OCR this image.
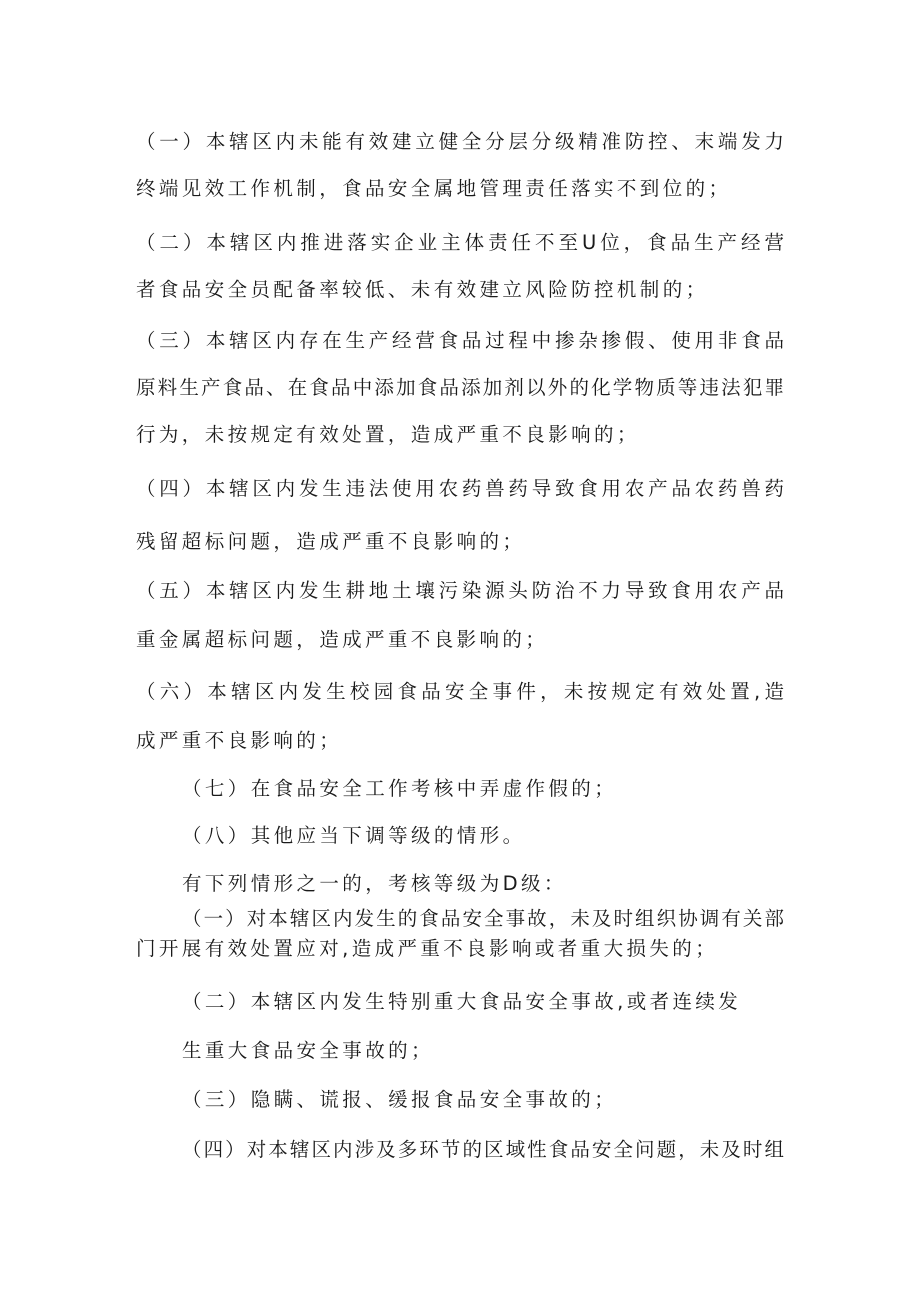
（一）本辖区内未能有效建立健全分层分级精准防控、末端发力
终端见效工作机制，食品安全属地管理责任落实不到位的；
（二）本辖区内推进落实企业主体责任不至U位，食品生产经营
者食品安全员配备率较低、未有效建立风险防控机制的；
（三）本辖区内存在生产经营食品过程中掺杂掺假、使用非食品
原料生产食品、在食品中添加食品添加剂以外的化学物质等违法犯罪
行为，未按规定有效处置，造成严重不良影响的；
（四）本辖区内发生违法使用农药兽药导致食用农产品农药兽药
残留超标问题，造成严重不良影响的；
（五）本辖区内发生耕地土壤污染源头防治不力导致食用农产品
重金属超标问题，造成严重不良影响的；
（六）本辖区内发生校园食品安全事件，未按规定有效处置,造
成严重不良影响的；
（七）在食品安全工作考核中弄虚作假的；
（八）其他应当下调等级的情形。
有下列情形之一的，考核等级为D级：
（一）对本辖区内发生的食品安全事故，未及时组织协调有关部
门开展有效处置应对,造成严重不良影响或者重大损失的；
（二）本辖区内发生特别重大食品安全事故,或者连续发
生重大食品安全事故的；
（三）隐瞒、谎报、缓报食品安全事故的；
（四）对本辖区内涉及多环节的区域性食品安全问题，未及时组
